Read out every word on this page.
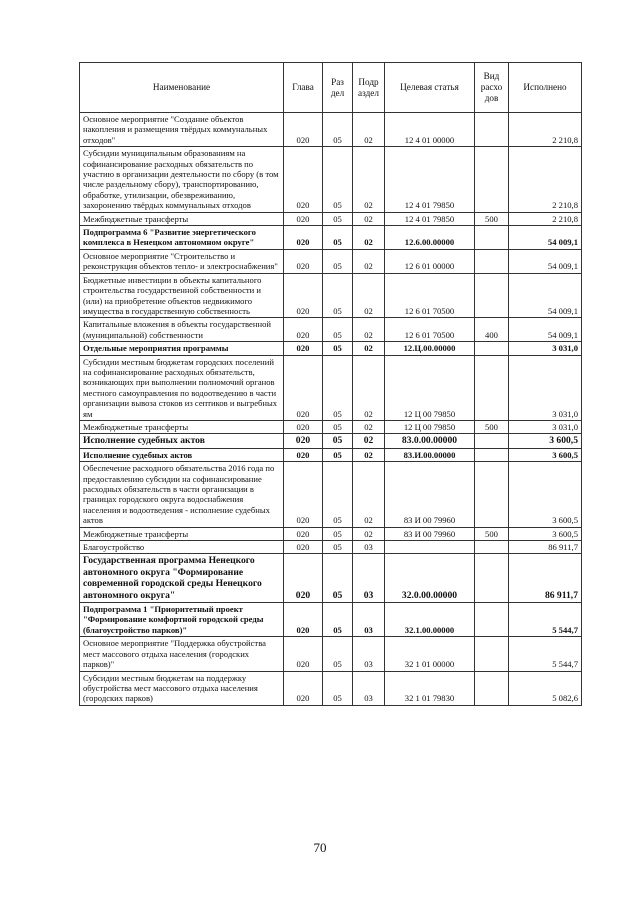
Наименование	Глава	Раз дел	Подр аздел	Целевая статья	Вид расхо дов	Исполнено
Основное мероприятие "Создание объектов накопления и размещения твёрдых коммунальных отходов"	020	05	02	12 4 01 00000		2 210,8
Субсидии муниципальным образованиям на софинансирование расходных обязательств по участию в организации деятельности по сбору (в том числе раздельному сбору), транспортированию, обработке, утилизации, обезвреживанию, захоронению твёрдых коммунальных отходов	020	05	02	12 4 01 79850		2 210,8
Межбюджетные трансферты	020	05	02	12 4 01 79850	500	2 210,8
Подпрограмма 6 "Развитие энергетического комплекса в Ненецком автономном округе"	020	05	02	12.6.00.00000		54 009,1
Основное мероприятие "Строительство и реконструкция объектов тепло- и электроснабжения"	020	05	02	12 6 01 00000		54 009,1
Бюджетные инвестиции в объекты капитального строительства государственной собственности и (или) на приобретение объектов недвижимого имущества в государственную собственность	020	05	02	12 6 01 70500		54 009,1
Капитальные вложения в объекты государственной (муниципальной) собственности	020	05	02	12 6 01 70500	400	54 009,1
Отдельные мероприятия программы	020	05	02	12.Ц.00.00000		3 031,0
Субсидии местным бюджетам городских поселений на софинансирование расходных обязательств, возникающих при выполнении полномочий органов местного самоуправления по водоотведению в части организации вывоза стоков из септиков и выгребных ям	020	05	02	12 Ц 00 79850		3 031,0
Межбюджетные трансферты	020	05	02	12 Ц 00 79850	500	3 031,0
Исполнение судебных актов	020	05	02	83.0.00.00000		3 600,5
Исполнение судебных актов	020	05	02	83.И.00.00000		3 600,5
Обеспечение расходного обязательства 2016 года по предоставлению субсидии на софинансирование расходных обязательств в части организации в границах городского округа водоснабжения населения и водоотведения - исполнение судебных актов	020	05	02	83 И 00 79960		3 600,5
Межбюджетные трансферты	020	05	02	83 И 00 79960	500	3 600,5
Благоустройство	020	05	03			86 911,7
Государственная программа Ненецкого автономного округа "Формирование современной городской среды Ненецкого автономного округа"	020	05	03	32.0.00.00000		86 911,7
Подпрограмма 1 "Приоритетный проект "Формирование комфортной городской среды (благоустройство парков)"	020	05	03	32.1.00.00000		5 544,7
Основное мероприятие "Поддержка обустройства мест массового отдыха населения (городских парков)"	020	05	03	32 1 01 00000		5 544,7
Субсидии местным бюджетам на поддержку обустройства мест массового отдыха населения (городских парков)	020	05	03	32 1 01 79830		5 082,6
70
